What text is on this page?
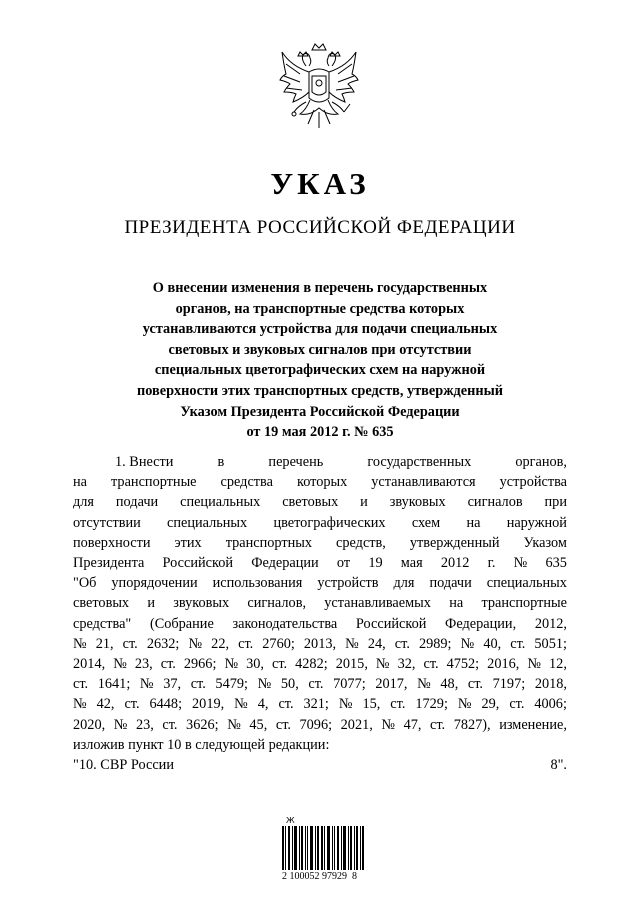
УКАЗ
ПРЕЗИДЕНТА РОССИЙСКОЙ ФЕДЕРАЦИИ
О внесении изменения в перечень государственных
органов, на транспортные средства которых
устанавливаются устройства для подачи специальных
световых и звуковых сигналов при отсутствии
специальных цветографических схем на наружной
поверхности этих транспортных средств, утвержденный
Указом Президента Российской Федерации
от 19 мая 2012 г. № 635
1. Внести	в	перечень	государственных	органов,
на транспортные средства которых устанавливаются устройства
для подачи специальных световых и звуковых сигналов при
отсутствии специальных цветографических схем на наружной
поверхности этих транспортных средств, утвержденный Указом
Президента Российской Федерации от 19 мая 2012 г. № 635
"Об упорядочении использования устройств для подачи специальных
световых и звуковых сигналов, устанавливаемых на транспортные
средства" (Собрание законодательства Российской Федерации, 2012,
№ 21, ст. 2632; № 22, ст. 2760; 2013, № 24, ст. 2989; № 40, ст. 5051;
2014, № 23, ст. 2966; № 30, ст. 4282; 2015, № 32, ст. 4752; 2016, № 12,
ст. 1641; № 37, ст. 5479; № 50, ст. 7077; 2017, № 48, ст. 7197; 2018,
№ 42, ст. 6448; 2019, № 4, ст. 321; № 15, ст. 1729; № 29, ст. 4006;
2020, № 23, ст. 3626; № 45, ст. 7096; 2021, № 47, ст. 7827), изменение,
изложив пункт 10 в следующей редакции:
"10. СВР России	8".
Ж
2 100052 97929  8
